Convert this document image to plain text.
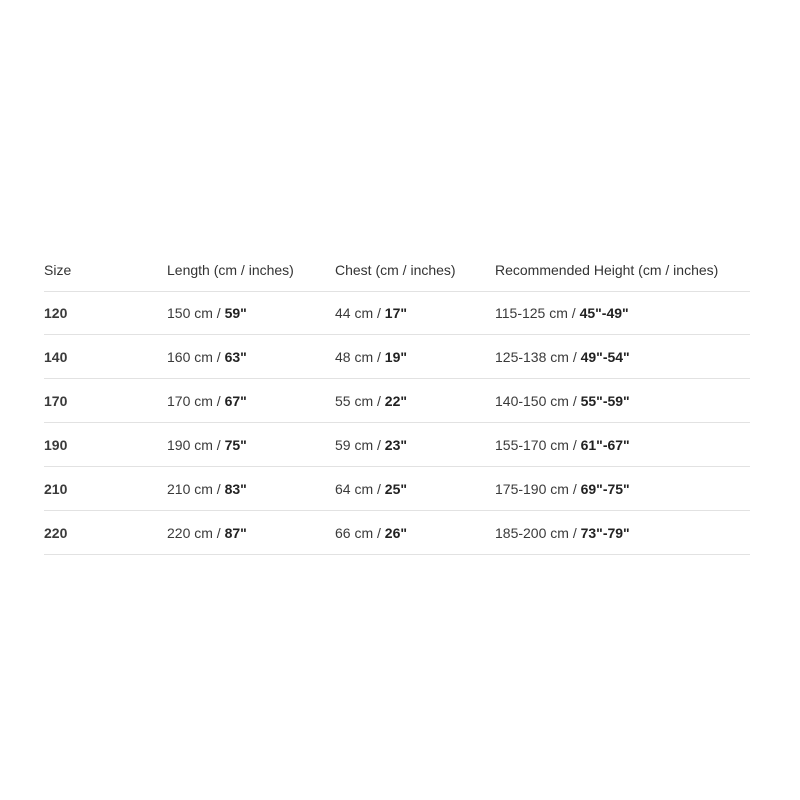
Size	Length (cm / inches)	Chest (cm / inches)	Recommended Height (cm / inches)
120	150 cm / 59"	44 cm / 17"	115-125 cm / 45"-49"
140	160 cm / 63"	48 cm / 19"	125-138 cm / 49"-54"
170	170 cm / 67"	55 cm / 22"	140-150 cm / 55"-59"
190	190 cm / 75"	59 cm / 23"	155-170 cm / 61"-67"
210	210 cm / 83"	64 cm / 25"	175-190 cm / 69"-75"
220	220 cm / 87"	66 cm / 26"	185-200 cm / 73"-79"
